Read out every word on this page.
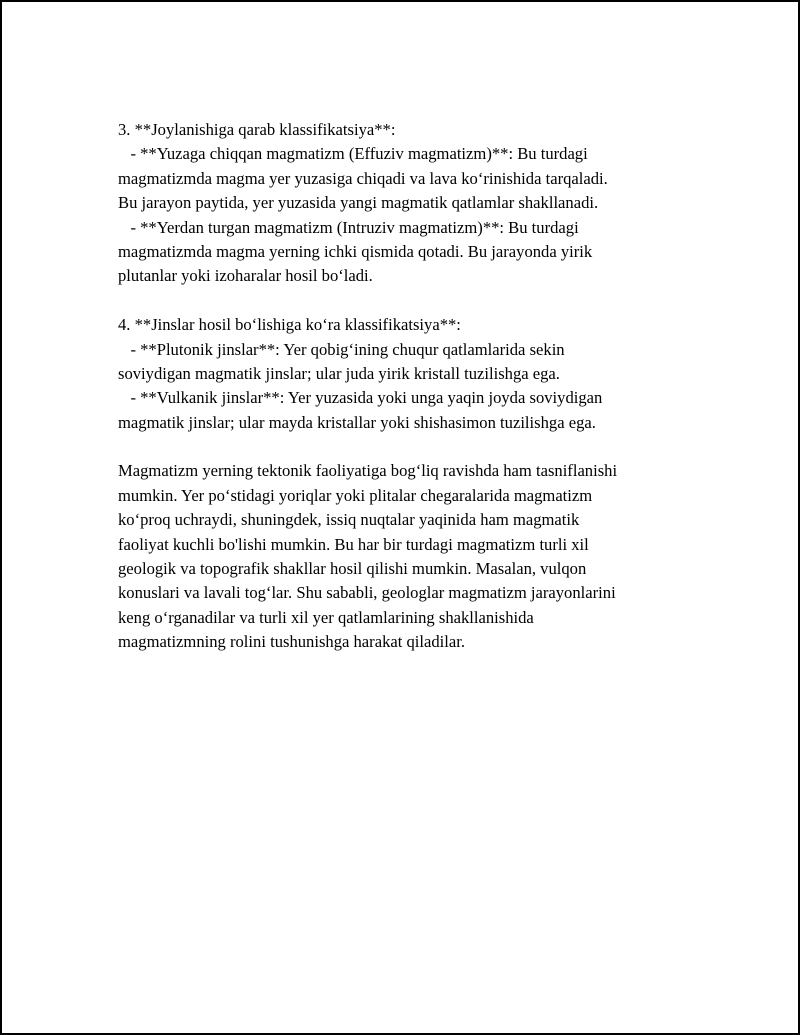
3. **Joylanishiga qarab klassifikatsiya**:
- **Yuzaga chiqqan magmatizm (Effuziv magmatizm)**: Bu turdagi
magmatizmda magma yer yuzasiga chiqadi va lava ko‘rinishida tarqaladi.
Bu jarayon paytida, yer yuzasida yangi magmatik qatlamlar shakllanadi.
- **Yerdan turgan magmatizm (Intruziv magmatizm)**: Bu turdagi
magmatizmda magma yerning ichki qismida qotadi. Bu jarayonda yirik
plutanlar yoki izoharalar hosil bo‘ladi.
4. **Jinslar hosil bo‘lishiga ko‘ra klassifikatsiya**:
- **Plutonik jinslar**: Yer qobig‘ining chuqur qatlamlarida sekin
soviydigan magmatik jinslar; ular juda yirik kristall tuzilishga ega.
- **Vulkanik jinslar**: Yer yuzasida yoki unga yaqin joyda soviydigan
magmatik jinslar; ular mayda kristallar yoki shishasimon tuzilishga ega.
Magmatizm yerning tektonik faoliyatiga bog‘liq ravishda ham tasniflanishi
mumkin. Yer po‘stidagi yoriqlar yoki plitalar chegaralarida magmatizm
ko‘proq uchraydi, shuningdek, issiq nuqtalar yaqinida ham magmatik
faoliyat kuchli bo'lishi mumkin. Bu har bir turdagi magmatizm turli xil
geologik va topografik shakllar hosil qilishi mumkin. Masalan, vulqon
konuslari va lavali tog‘lar. Shu sababli, geologlar magmatizm jarayonlarini
keng o‘rganadilar va turli xil yer qatlamlarining shakllanishida
magmatizmning rolini tushunishga harakat qiladilar.
